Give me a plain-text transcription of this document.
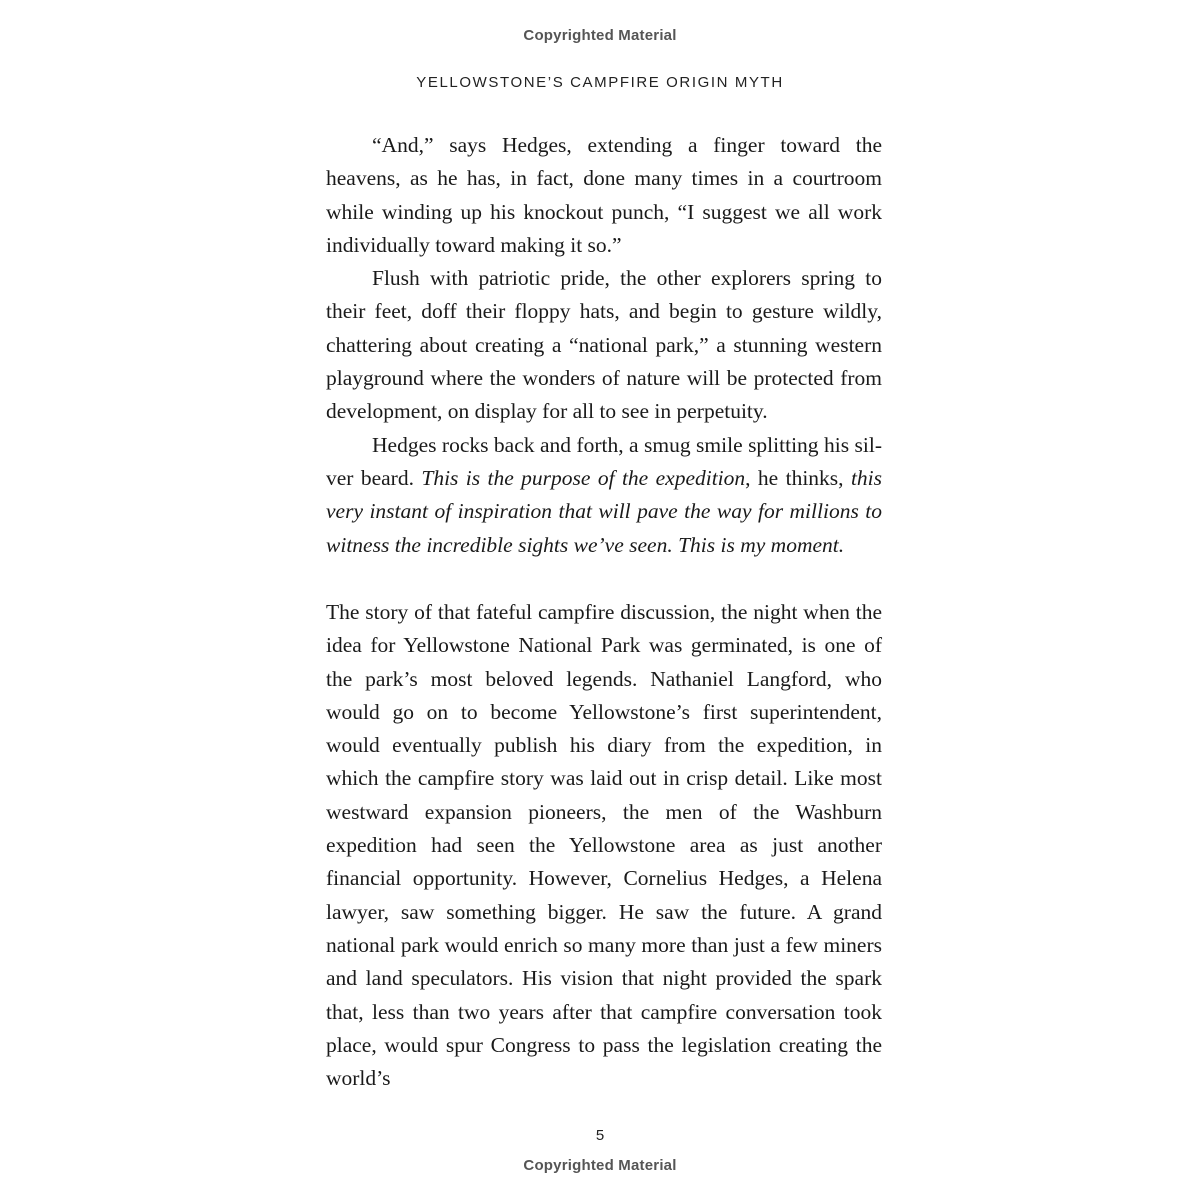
Copyrighted Material
YELLOWSTONE’S CAMPFIRE ORIGIN MYTH

“And,” says Hedges, extending a finger toward the heavens, as he has, in fact, done many times in a courtroom while winding up his knockout punch, “I suggest we all work individually toward making it so.”

Flush with patriotic pride, the other explorers spring to their feet, doff their floppy hats, and begin to gesture wildly, chattering about creating a “national park,” a stunning western playground where the wonders of nature will be protected from development, on display for all to see in perpetuity.

Hedges rocks back and forth, a smug smile splitting his sil-ver beard. This is the purpose of the expedition, he thinks, this very instant of inspiration that will pave the way for millions to witness the incredible sights we’ve seen. This is my moment.

The story of that fateful campfire discussion, the night when the idea for Yellowstone National Park was germinated, is one of the park’s most beloved legends. Nathaniel Langford, who would go on to become Yellowstone’s first superintendent, would eventually publish his diary from the expedition, in which the campfire story was laid out in crisp detail. Like most westward expansion pioneers, the men of the Washburn expedition had seen the Yellowstone area as just another financial opportunity. However, Cornelius Hedges, a Helena lawyer, saw something bigger. He saw the future. A grand national park would enrich so many more than just a few miners and land speculators. His vision that night provided the spark that, less than two years after that campfire conversation took place, would spur Congress to pass the legislation creating the world’s

5
Copyrighted Material
